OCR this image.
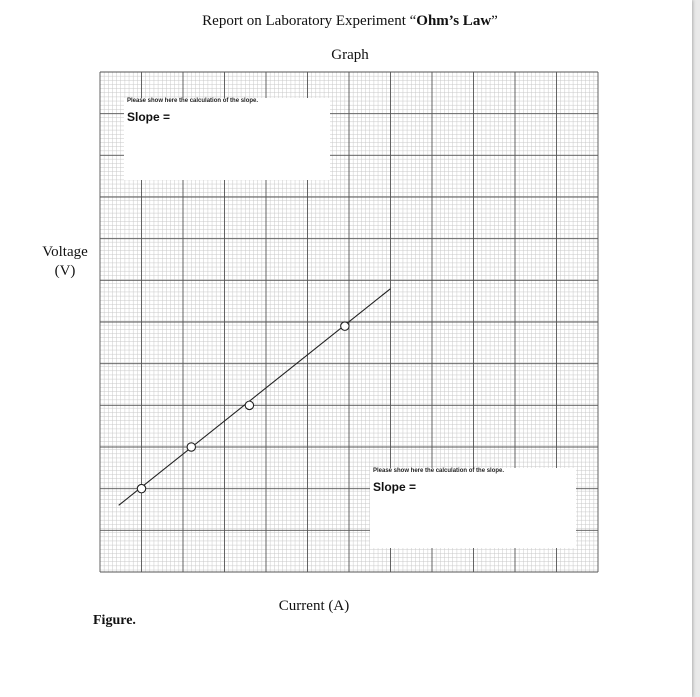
Report on Laboratory Experiment “Ohm’s Law”
Graph
Voltage
(V)
Please show here the calculation of the slope.
Slope =
Please show here the calculation of the slope.
Slope =
Current (A)
Figure.
